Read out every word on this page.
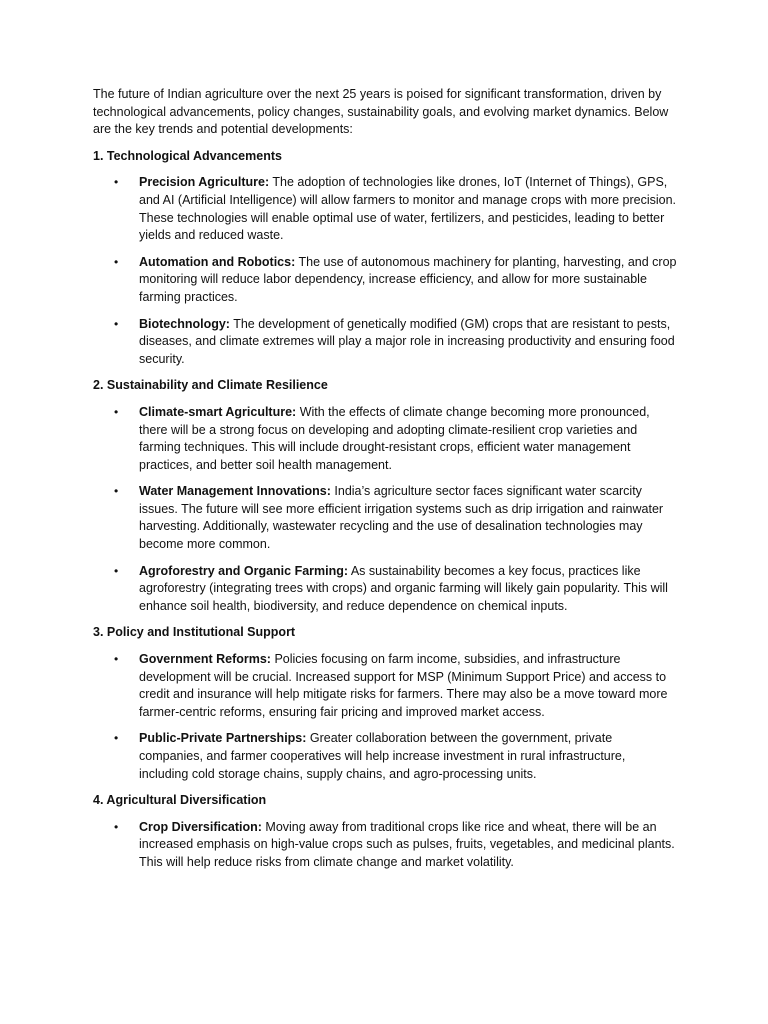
The future of Indian agriculture over the next 25 years is poised for significant transformation, driven by technological advancements, policy changes, sustainability goals, and evolving market dynamics. Below are the key trends and potential developments:

1. Technological Advancements

• Precision Agriculture: The adoption of technologies like drones, IoT (Internet of Things), GPS, and AI (Artificial Intelligence) will allow farmers to monitor and manage crops with more precision. These technologies will enable optimal use of water, fertilizers, and pesticides, leading to better yields and reduced waste.
• Automation and Robotics: The use of autonomous machinery for planting, harvesting, and crop monitoring will reduce labor dependency, increase efficiency, and allow for more sustainable farming practices.
• Biotechnology: The development of genetically modified (GM) crops that are resistant to pests, diseases, and climate extremes will play a major role in increasing productivity and ensuring food security.

2. Sustainability and Climate Resilience

• Climate-smart Agriculture: With the effects of climate change becoming more pronounced, there will be a strong focus on developing and adopting climate-resilient crop varieties and farming techniques. This will include drought-resistant crops, efficient water management practices, and better soil health management.
• Water Management Innovations: India’s agriculture sector faces significant water scarcity issues. The future will see more efficient irrigation systems such as drip irrigation and rainwater harvesting. Additionally, wastewater recycling and the use of desalination technologies may become more common.
• Agroforestry and Organic Farming: As sustainability becomes a key focus, practices like agroforestry (integrating trees with crops) and organic farming will likely gain popularity. This will enhance soil health, biodiversity, and reduce dependence on chemical inputs.

3. Policy and Institutional Support

• Government Reforms: Policies focusing on farm income, subsidies, and infrastructure development will be crucial. Increased support for MSP (Minimum Support Price) and access to credit and insurance will help mitigate risks for farmers. There may also be a move toward more farmer-centric reforms, ensuring fair pricing and improved market access.
• Public-Private Partnerships: Greater collaboration between the government, private companies, and farmer cooperatives will help increase investment in rural infrastructure, including cold storage chains, supply chains, and agro-processing units.

4. Agricultural Diversification

• Crop Diversification: Moving away from traditional crops like rice and wheat, there will be an increased emphasis on high-value crops such as pulses, fruits, vegetables, and medicinal plants. This will help reduce risks from climate change and market volatility.
